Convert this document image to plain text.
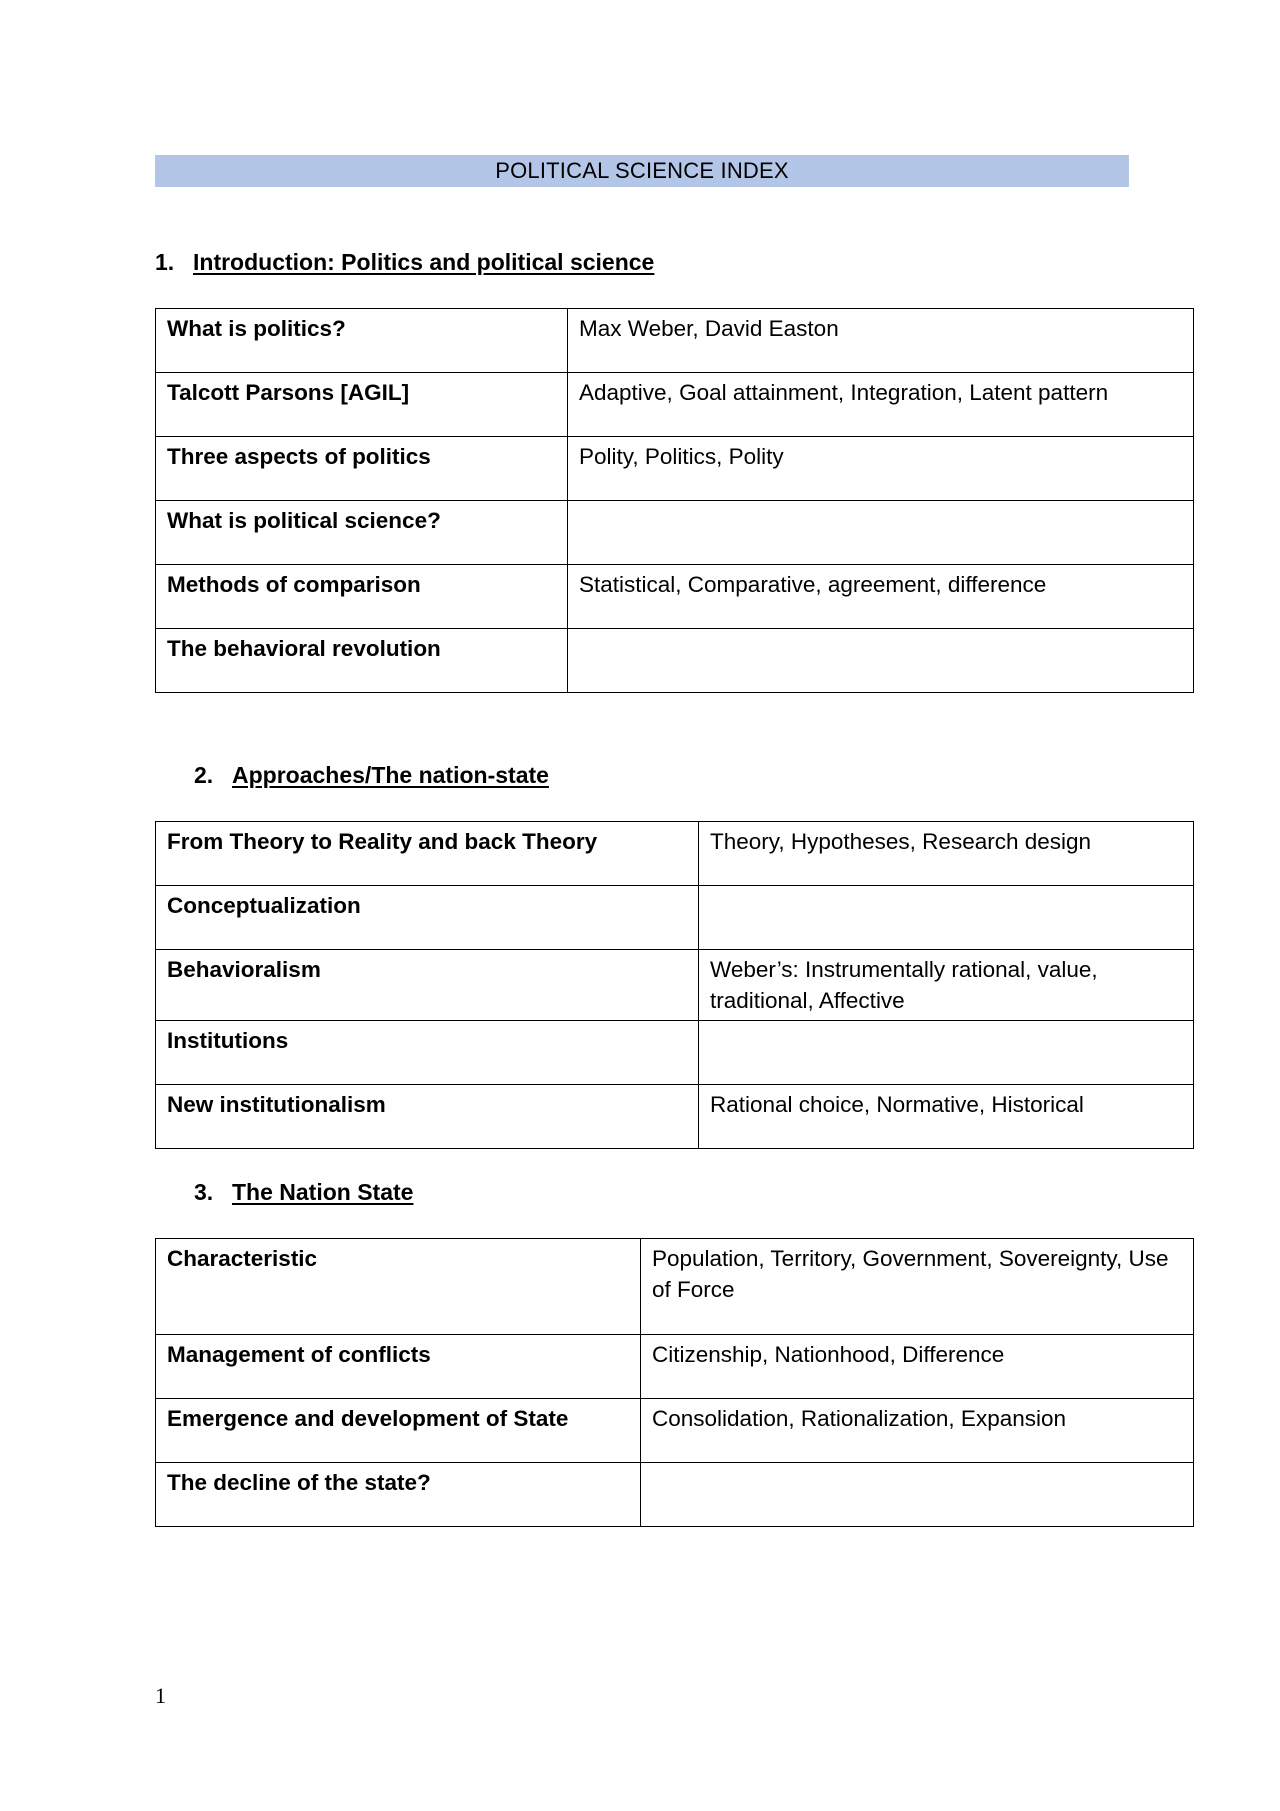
POLITICAL SCIENCE INDEX
1. Introduction: Politics and political science
What is politics?	Max Weber, David Easton
Talcott Parsons [AGIL]	Adaptive, Goal attainment, Integration, Latent pattern
Three aspects of politics	Polity, Politics, Polity
What is political science?	
Methods of comparison	Statistical, Comparative, agreement, difference
The behavioral revolution	
2. Approaches/The nation-state
From Theory to Reality and back Theory	Theory, Hypotheses, Research design
Conceptualization	
Behavioralism	Weber’s: Instrumentally rational, value, traditional, Affective
Institutions	
New institutionalism	Rational choice, Normative, Historical
3. The Nation State
Characteristic	Population, Territory, Government, Sovereignty, Use of Force
Management of conflicts	Citizenship, Nationhood, Difference
Emergence and development of State	Consolidation, Rationalization, Expansion
The decline of the state?	
1
